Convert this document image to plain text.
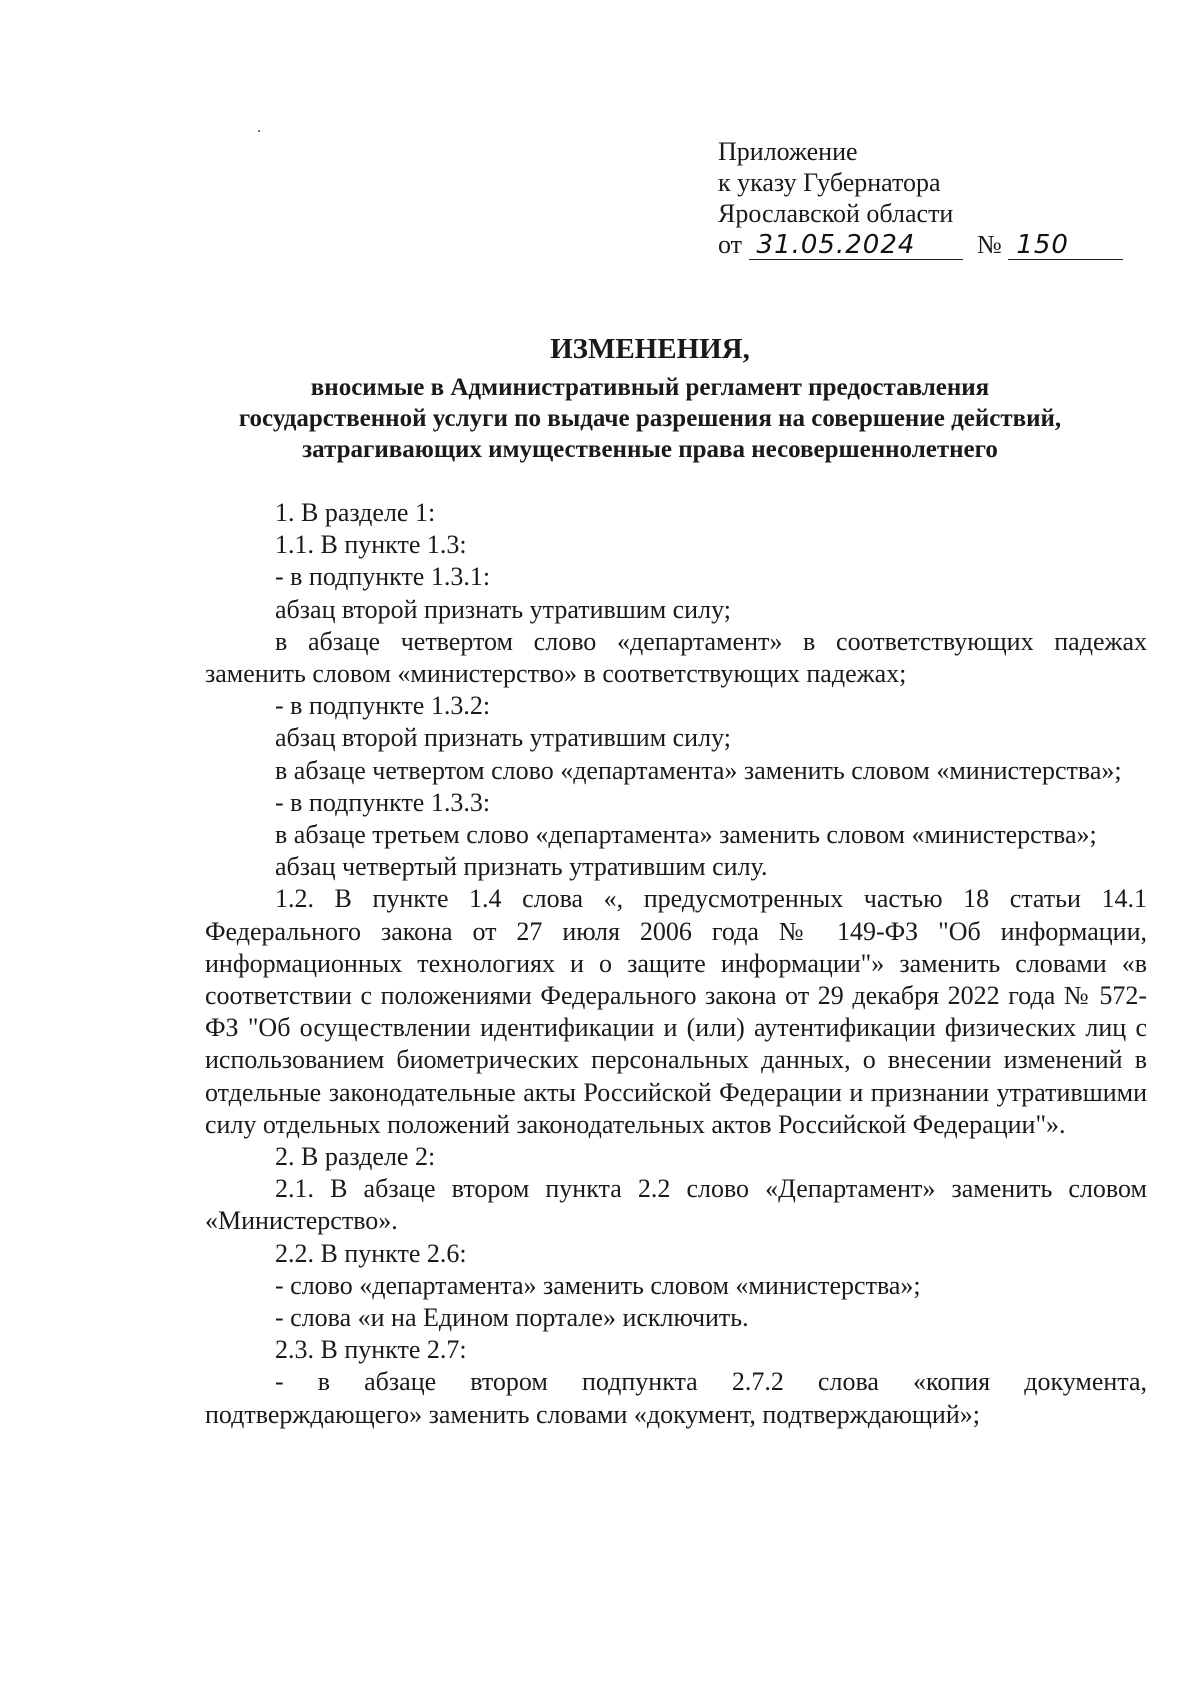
Приложение
к указу Губернатора
Ярославской области
от 31.05.2024 № 150
ИЗМЕНЕНИЯ,
вносимые в Административный регламент предоставления
государственной услуги по выдаче разрешения на совершение действий,
затрагивающих имущественные права несовершеннолетнего

1. В разделе 1:

1.1. В пункте 1.3:

- в подпункте 1.3.1:

абзац второй признать утратившим силу;

в абзаце четвертом слово «департамент» в соответствующих падежах заменить словом «министерство» в соответствующих падежах;

- в подпункте 1.3.2:

абзац второй признать утратившим силу;

в абзаце четвертом слово «департамента» заменить словом «министерства»;

- в подпункте 1.3.3:

в абзаце третьем слово «департамента» заменить словом «министерства»;

абзац четвертый признать утратившим силу.

1.2. В пункте 1.4 слова «, предусмотренных частью 18 статьи 14.1 Федерального закона от 27 июля 2006 года № 149-ФЗ "Об информации, информационных технологиях и о защите информации"» заменить словами «в соответствии с положениями Федерального закона от 29 декабря 2022 года № 572-ФЗ "Об осуществлении идентификации и (или) аутентификации физических лиц с использованием биометрических персональных данных, о внесении изменений в отдельные законодательные акты Российской Федерации и признании утратившими силу отдельных положений законодательных актов Российской Федерации"».

2. В разделе 2:

2.1. В абзаце втором пункта 2.2 слово «Департамент» заменить словом «Министерство».

2.2. В пункте 2.6:

- слово «департамента» заменить словом «министерства»;

- слова «и на Едином портале» исключить.

2.3. В пункте 2.7:

- в абзаце втором подпункта 2.7.2 слова «копия документа, подтверждающего» заменить словами «документ, подтверждающий»;
